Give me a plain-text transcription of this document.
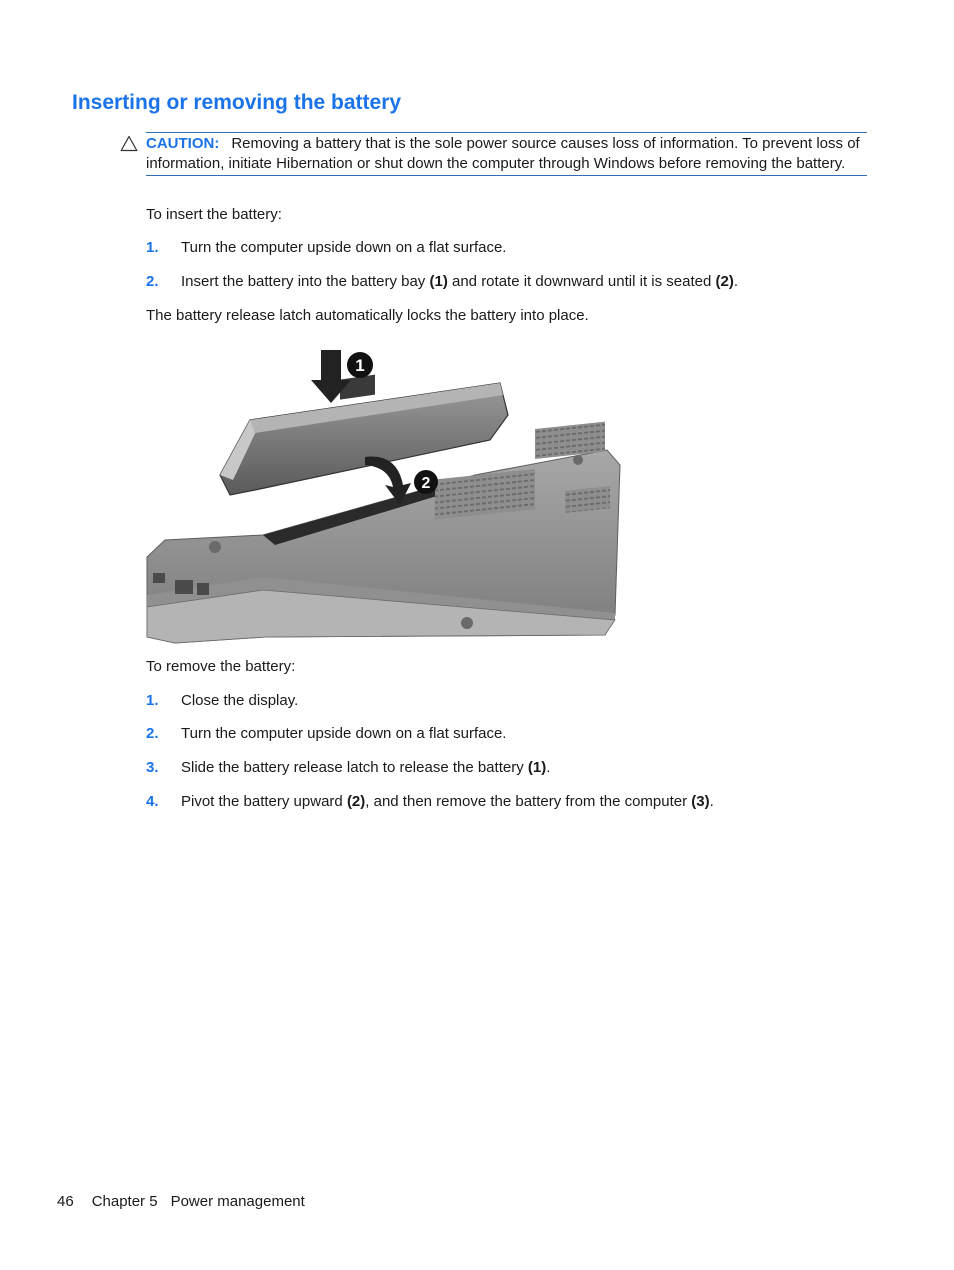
Inserting or removing the battery
CAUTION: Removing a battery that is the sole power source causes loss of information. To prevent loss of information, initiate Hibernation or shut down the computer through Windows before removing the battery.

To insert the battery:

1. Turn the computer upside down on a flat surface.
2. Insert the battery into the battery bay (1) and rotate it downward until it is seated (2).

The battery release latch automatically locks the battery into place.

1
2

To remove the battery:

1. Close the display.
2. Turn the computer upside down on a flat surface.
3. Slide the battery release latch to release the battery (1).
4. Pivot the battery upward (2), and then remove the battery from the computer (3).
46 Chapter 5 Power management
